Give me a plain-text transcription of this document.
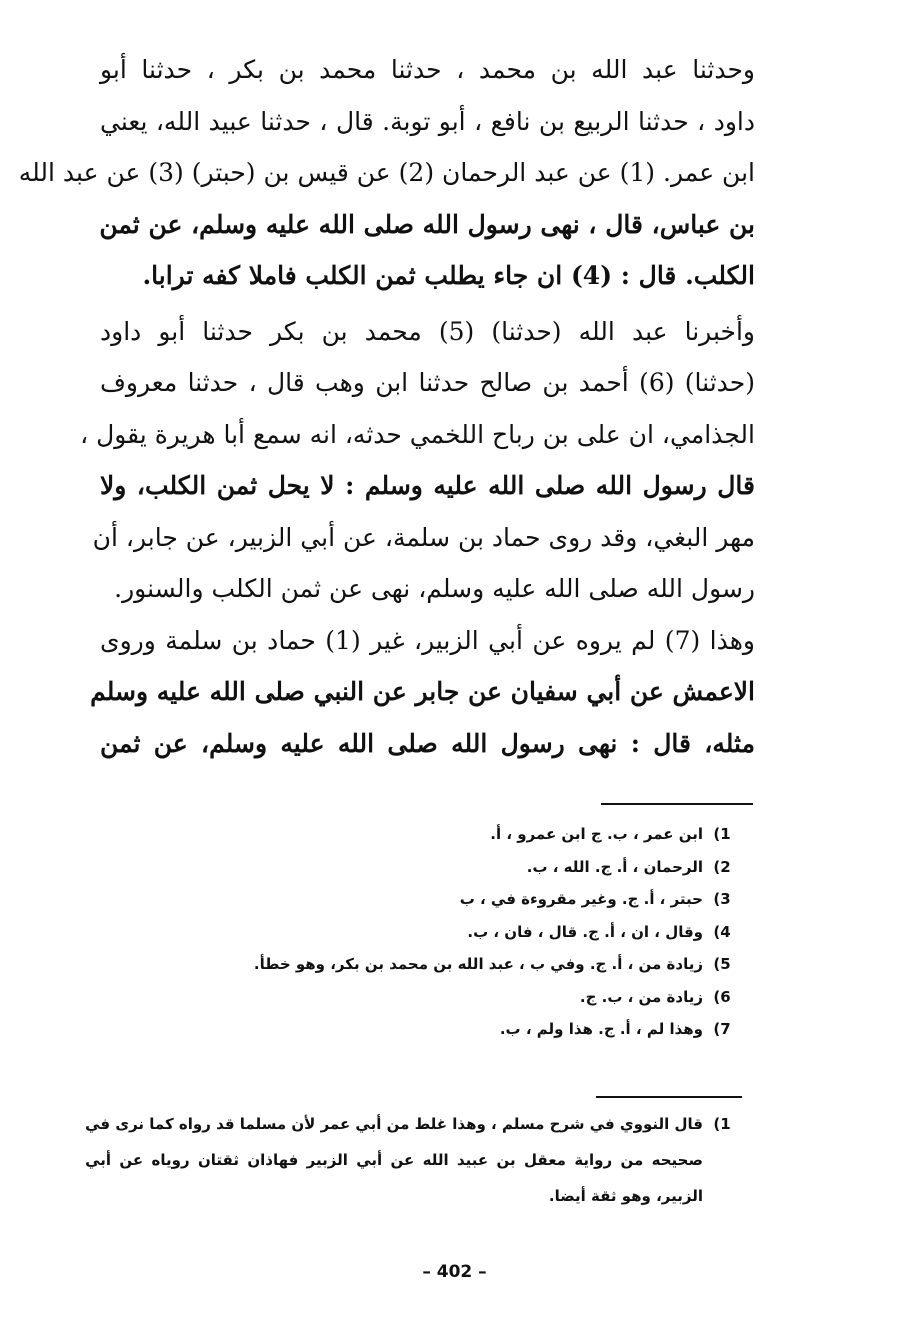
وحدثنا عبد الله بن محمد ، حدثنا محمد بن بكر ، حدثنا أبو
داود ، حدثنا الربيع بن نافع ، أبو توبة. قال ، حدثنا عبيد الله، يعني
ابن عمر. (1) عن عبد الرحمان (2) عن قيس بن (حبتر) (3) عن عبد الله
بن عباس، قال ، نهى رسول الله صلى الله عليه وسلم، عن ثمن
الكلب. قال : (4) ان جاء يطلب ثمن الكلب فاملا كفه ترابا.
وأخبرنا عبد الله (حدثنا) (5) محمد بن بكر حدثنا أبو داود
(حدثنا) (6) أحمد بن صالح حدثنا ابن وهب قال ، حدثنا معروف
الجذامي، ان على بن رباح اللخمي حدثه، انه سمع أبا هريرة يقول ،
قال رسول الله صلى الله عليه وسلم : لا يحل ثمن الكلب، ولا
مهر البغي، وقد روى حماد بن سلمة، عن أبي الزبير، عن جابر، أن
رسول الله صلى الله عليه وسلم، نهى عن ثمن الكلب والسنور.
وهذا (7) لم يروه عن أبي الزبير، غير (1) حماد بن سلمة وروى
الاعمش عن أبي سفيان عن جابر عن النبي صلى الله عليه وسلم
مثله، قال : نهى رسول الله صلى الله عليه وسلم، عن ثمن
1)
ابن عمر ، ب. ج ابن عمرو ، أ.
2)
الرحمان ، أ. ج. الله ، ب.
3)
حبتر ، أ. ج. وغير مقروءة في ، ب
4)
وقال ، ان ، أ. ج. قال ، فان ، ب.
5)
زيادة من ، أ. ج. وفي ب ، عبد الله بن محمد بن بكر، وهو خطأ.
6)
زيادة من ، ب. ج.
7)
وهذا لم ، أ. ج. هذا ولم ، ب.
1)
قال النووي في شرح مسلم ، وهذا غلط من أبي عمر لأن مسلما قد رواه كما نرى في
صحيحه من رواية معقل بن عبيد الله عن أبي الزبير فهاذان ثقتان روياه عن أبي
الزبير، وهو ثقة أيضا.
– 402 –
